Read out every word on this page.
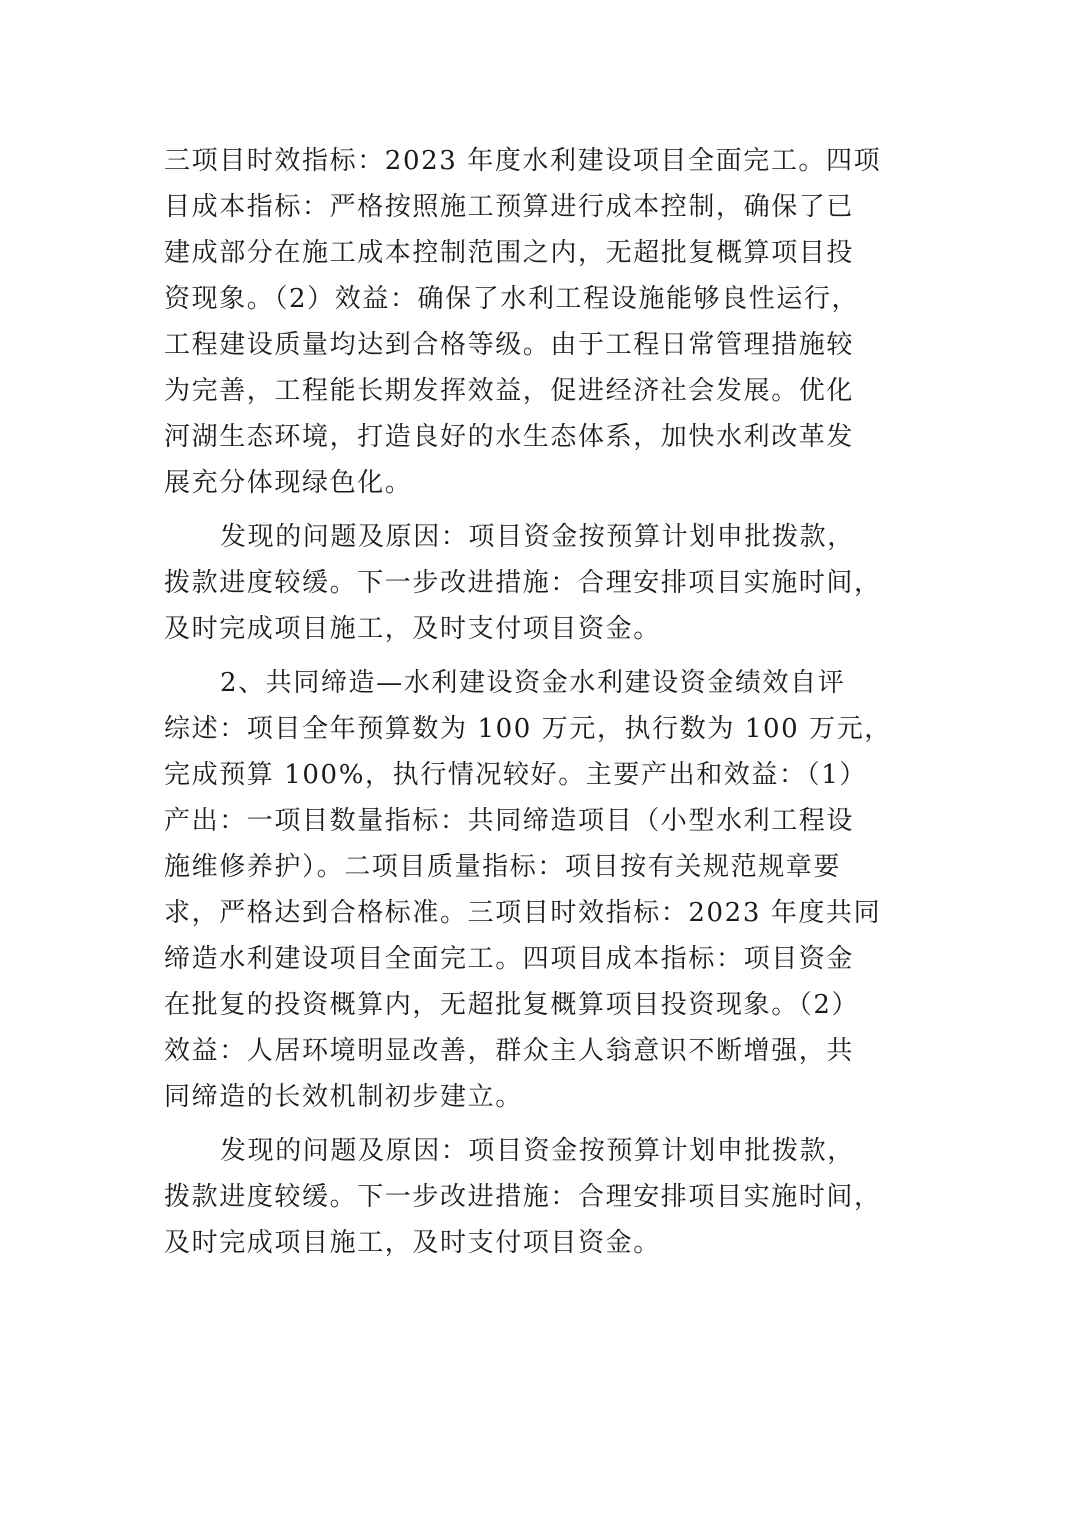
三项目时效指标：2023 年度水利建设项目全面完工。四项
目成本指标：严格按照施工预算进行成本控制，确保了已
建成部分在施工成本控制范围之内，无超批复概算项目投
资现象。（2）效益：确保了水利工程设施能够良性运行，
工程建设质量均达到合格等级。由于工程日常管理措施较
为完善，工程能长期发挥效益，促进经济社会发展。优化
河湖生态环境，打造良好的水生态体系，加快水利改革发
展充分体现绿色化。

发现的问题及原因：项目资金按预算计划申批拨款，
拨款进度较缓。下一步改进措施：合理安排项目实施时间，
及时完成项目施工，及时支付项目资金。

2、共同缔造—水利建设资金水利建设资金绩效自评
综述：项目全年预算数为 100 万元，执行数为 100 万元，
完成预算 100%，执行情况较好。主要产出和效益：（1）
产出：一项目数量指标：共同缔造项目（小型水利工程设
施维修养护）。二项目质量指标：项目按有关规范规章要
求，严格达到合格标准。三项目时效指标：2023 年度共同
缔造水利建设项目全面完工。四项目成本指标：项目资金
在批复的投资概算内，无超批复概算项目投资现象。（2）
效益：人居环境明显改善，群众主人翁意识不断增强，共
同缔造的长效机制初步建立。

发现的问题及原因：项目资金按预算计划申批拨款，
拨款进度较缓。下一步改进措施：合理安排项目实施时间，
及时完成项目施工，及时支付项目资金。
